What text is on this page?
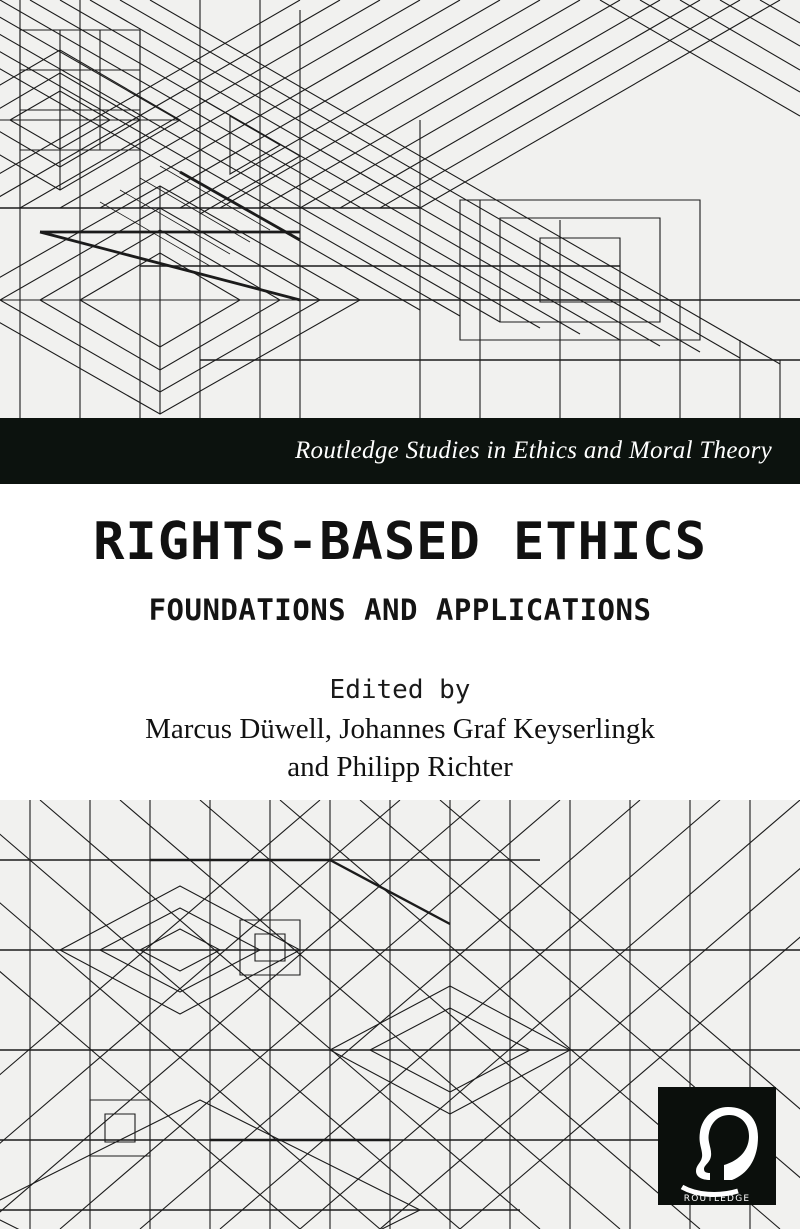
Routledge Studies in Ethics and Moral Theory
RIGHTS-BASED ETHICS
FOUNDATIONS AND APPLICATIONS
Edited by
Marcus Düwell, Johannes Graf Keyserlingk
and Philipp Richter
ROUTLEDGE
